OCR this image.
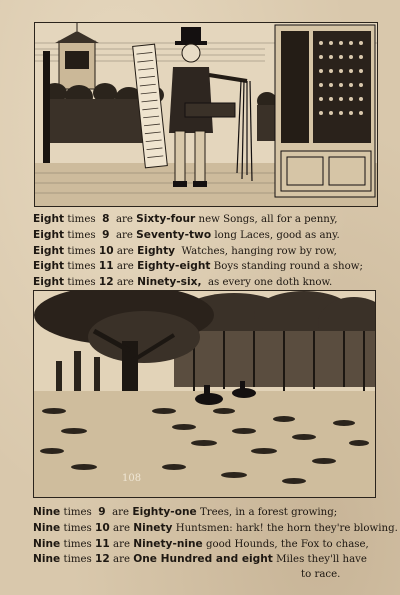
Eight times 8 are Sixty-four new Songs, all for a penny,
Eight times 9 are Seventy-two long Laces, good as any.
Eight times 10 are Eighty Watches, hanging row by row,
Eight times 11 are Eighty-eight Boys standing round a show;
Eight times 12 are Ninety-six, as every one doth know.
108
Nine times 9 are Eighty-one Trees, in a forest growing;
Nine times 10 are Ninety Huntsmen: hark! the horn they're blowing.
Nine times 11 are Ninety-nine good Hounds, the Fox to chase,
Nine times 12 are One Hundred and eight Miles they'll have
to race.
